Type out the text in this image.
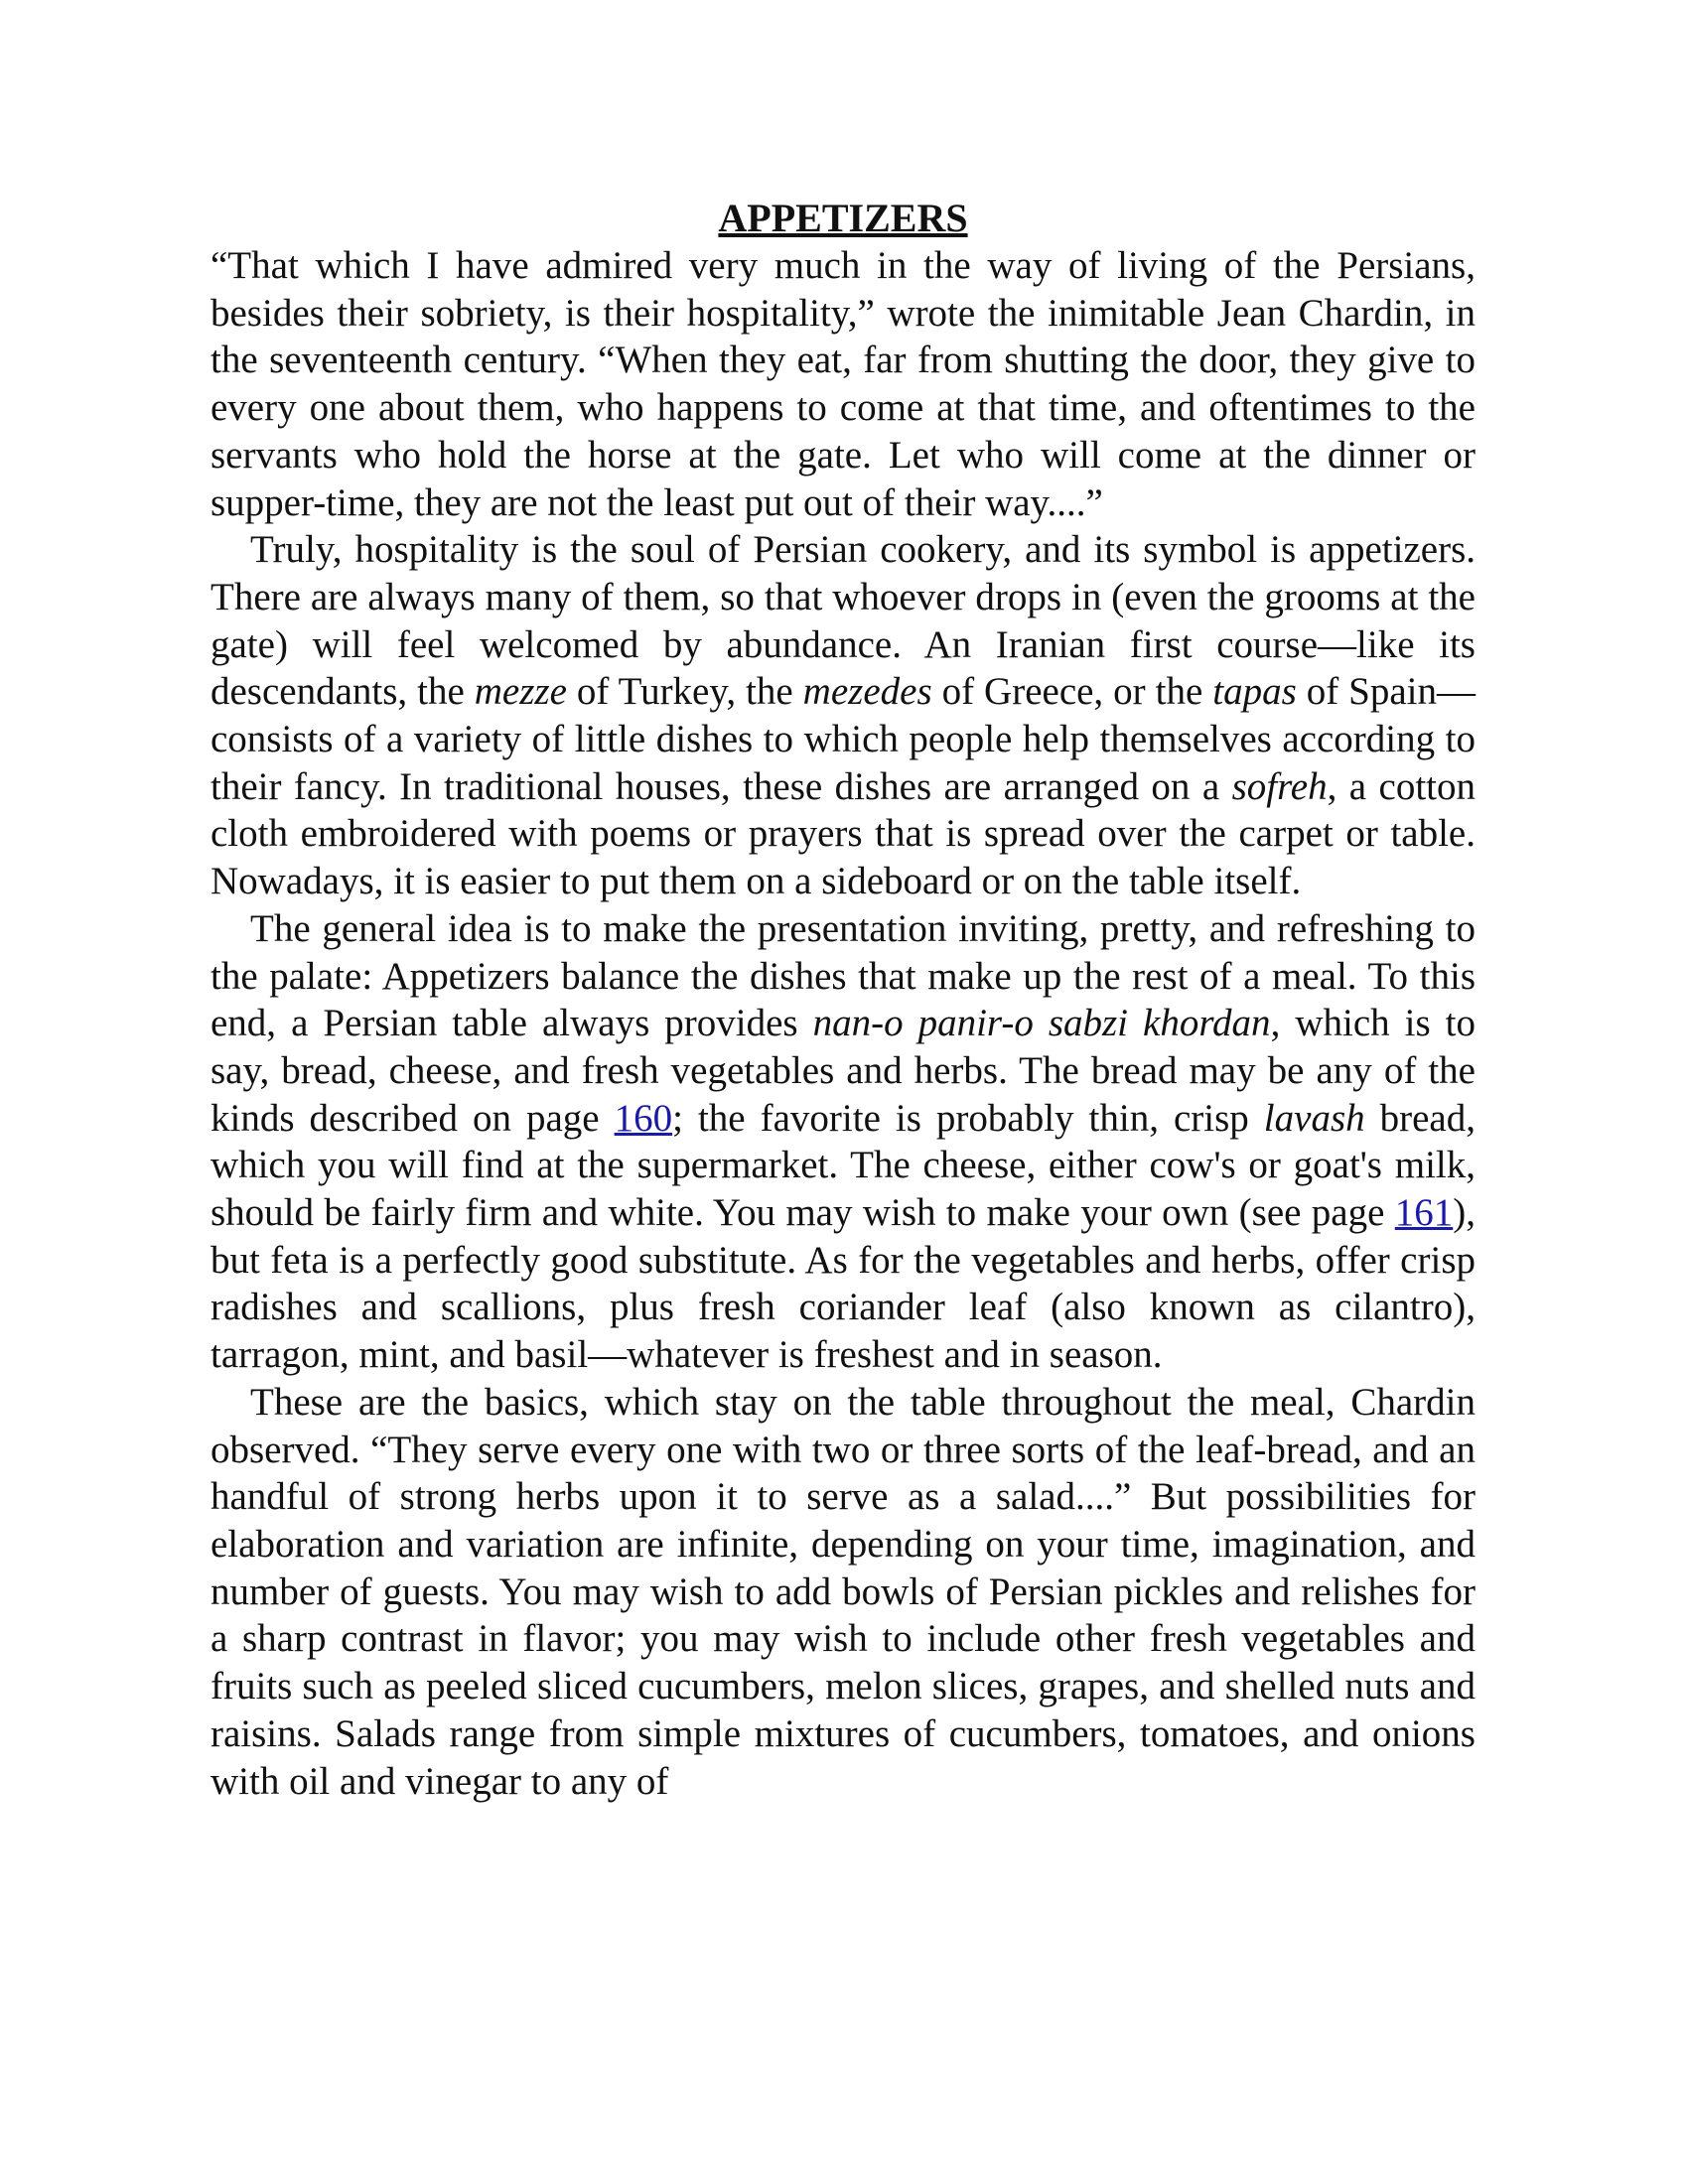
APPETIZERS

“That which I have admired very much in the way of living of the Persians, besides their sobriety, is their hospitality,” wrote the inimitable Jean Chardin, in the seventeenth century. “When they eat, far from shutting the door, they give to every one about them, who happens to come at that time, and oftentimes to the servants who hold the horse at the gate. Let who will come at the dinner or supper-time, they are not the least put out of their way....”

Truly, hospitality is the soul of Persian cookery, and its symbol is appetizers. There are always many of them, so that whoever drops in (even the grooms at the gate) will feel welcomed by abundance. An Iranian first course—like its descendants, the mezze of Turkey, the mezedes of Greece, or the tapas of Spain—consists of a variety of little dishes to which people help themselves according to their fancy. In traditional houses, these dishes are arranged on a sofreh, a cotton cloth embroidered with poems or prayers that is spread over the carpet or table. Nowadays, it is easier to put them on a sideboard or on the table itself.

The general idea is to make the presentation inviting, pretty, and refreshing to the palate: Appetizers balance the dishes that make up the rest of a meal. To this end, a Persian table always provides nan-o panir-o sabzi khordan, which is to say, bread, cheese, and fresh vegetables and herbs. The bread may be any of the kinds described on page 160; the favorite is probably thin, crisp lavash bread, which you will find at the supermarket. The cheese, either cow's or goat's milk, should be fairly firm and white. You may wish to make your own (see page 161), but feta is a perfectly good substitute. As for the vegetables and herbs, offer crisp radishes and scallions, plus fresh coriander leaf (also known as cilantro), tarragon, mint, and basil—whatever is freshest and in season.

These are the basics, which stay on the table throughout the meal, Chardin observed. “They serve every one with two or three sorts of the leaf-bread, and an handful of strong herbs upon it to serve as a salad....” But possibilities for elaboration and variation are infinite, depending on your time, imagination, and number of guests. You may wish to add bowls of Persian pickles and relishes for a sharp contrast in flavor; you may wish to include other fresh vegetables and fruits such as peeled sliced cucumbers, melon slices, grapes, and shelled nuts and raisins. Salads range from simple mixtures of cucumbers, tomatoes, and onions with oil and vinegar to any of
